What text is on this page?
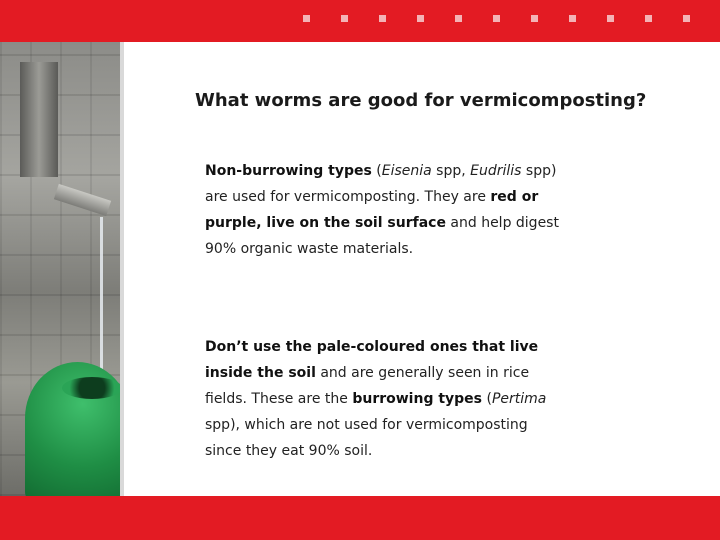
What worms are good for vermicomposting?

Non-burrowing types (Eisenia spp, Eudrilis spp) are used for vermicomposting. They are red or purple, live on the soil surface and help digest 90% organic waste materials.

Don’t use the pale-coloured ones that live inside the soil and are generally seen in rice fields. These are the burrowing types (Pertima spp), which are not used for vermicomposting since they eat 90% soil.
